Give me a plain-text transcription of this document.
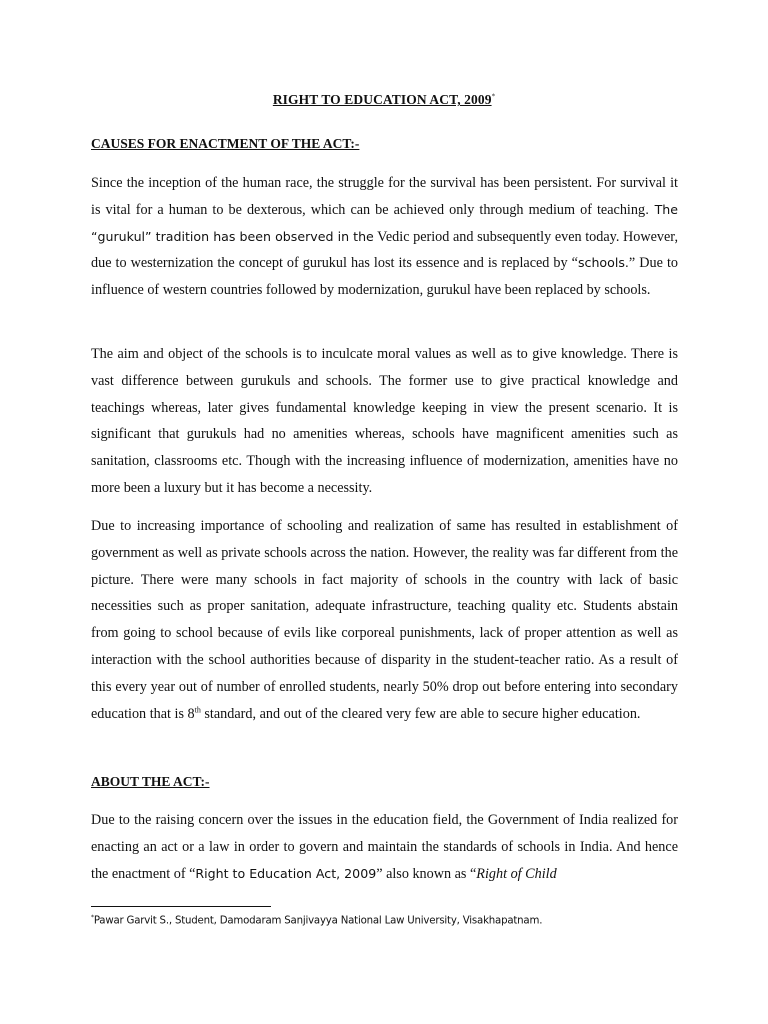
RIGHT TO EDUCATION ACT, 2009*
CAUSES FOR ENACTMENT OF THE ACT:-

Since the inception of the human race, the struggle for the survival has been persistent. For survival it is vital for a human to be dexterous, which can be achieved only through medium of teaching. The “gurukul” tradition has been observed in the Vedic period and subsequently even today. However, due to westernization the concept of gurukul has lost its essence and is replaced by “schools.” Due to influence of western countries followed by modernization, gurukul have been replaced by schools.

The aim and object of the schools is to inculcate moral values as well as to give knowledge. There is vast difference between gurukuls and schools. The former use to give practical knowledge and teachings whereas, later gives fundamental knowledge keeping in view the present scenario. It is significant that gurukuls had no amenities whereas, schools have magnificent amenities such as sanitation, classrooms etc. Though with the increasing influence of modernization, amenities have no more been a luxury but it has become a necessity.

Due to increasing importance of schooling and realization of same has resulted in establishment of government as well as private schools across the nation. However, the reality was far different from the picture. There were many schools in fact majority of schools in the country with lack of basic necessities such as proper sanitation, adequate infrastructure, teaching quality etc. Students abstain from going to school because of evils like corporeal punishments, lack of proper attention as well as interaction with the school authorities because of disparity in the student-teacher ratio. As a result of this every year out of number of enrolled students, nearly 50% drop out before entering into secondary education that is 8th standard, and out of the cleared very few are able to secure higher education.

ABOUT THE ACT:-

Due to the raising concern over the issues in the education field, the Government of India realized for enacting an act or a law in order to govern and maintain the standards of schools in India. And hence the enactment of “Right to Education Act, 2009” also known as “Right of Child

*Pawar Garvit S., Student, Damodaram Sanjivayya National Law University, Visakhapatnam.
